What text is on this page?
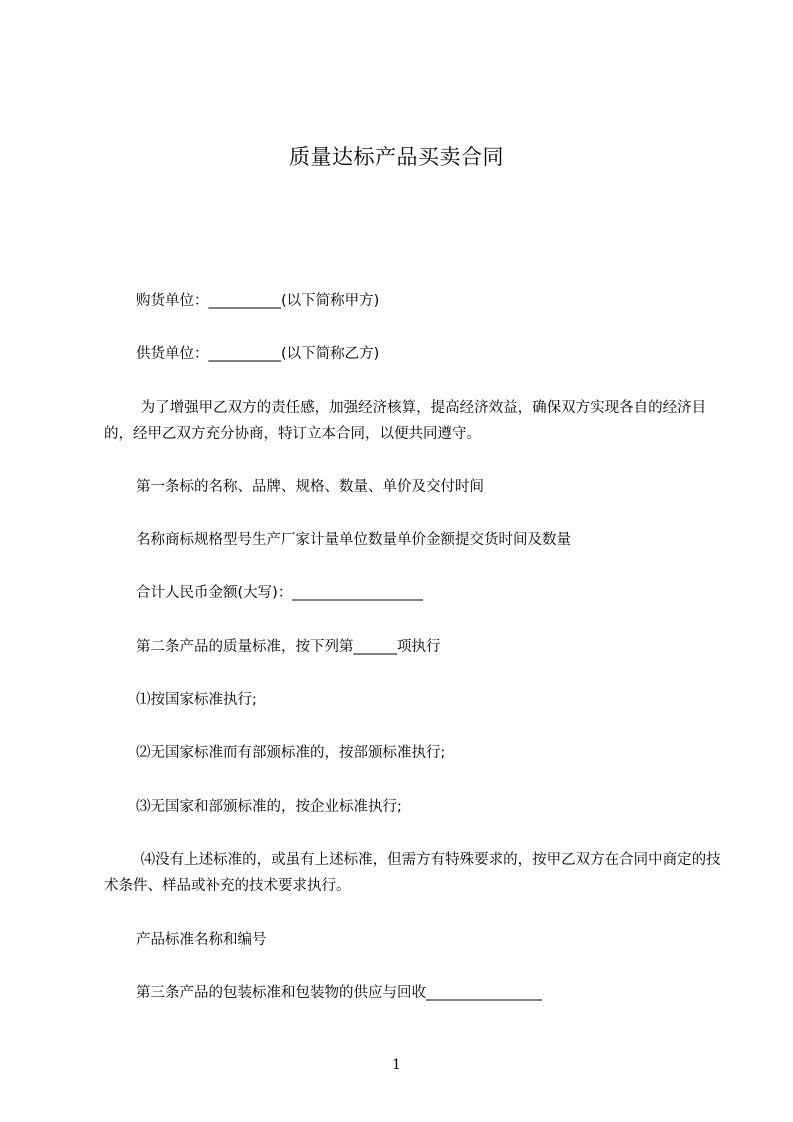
质量达标产品买卖合同
购货单位：__________(以下简称甲方)
供货单位：__________(以下简称乙方)
为了增强甲乙双方的责任感，加强经济核算，提高经济效益，确保双方实现各自的经济目的，经甲乙双方充分协商，特订立本合同，以便共同遵守。
第一条标的名称、品牌、规格、数量、单价及交付时间
名称商标规格型号生产厂家计量单位数量单价金额提交货时间及数量
合计人民币金额(大写)：__________________
第二条产品的质量标准，按下列第______项执行
⑴按国家标准执行;
⑵无国家标准而有部颁标准的，按部颁标准执行;
⑶无国家和部颁标准的，按企业标准执行;
⑷没有上述标准的，或虽有上述标准，但需方有特殊要求的，按甲乙双方在合同中商定的技术条件、样品或补充的技术要求执行。
产品标准名称和编号
第三条产品的包装标准和包装物的供应与回收________________
1
